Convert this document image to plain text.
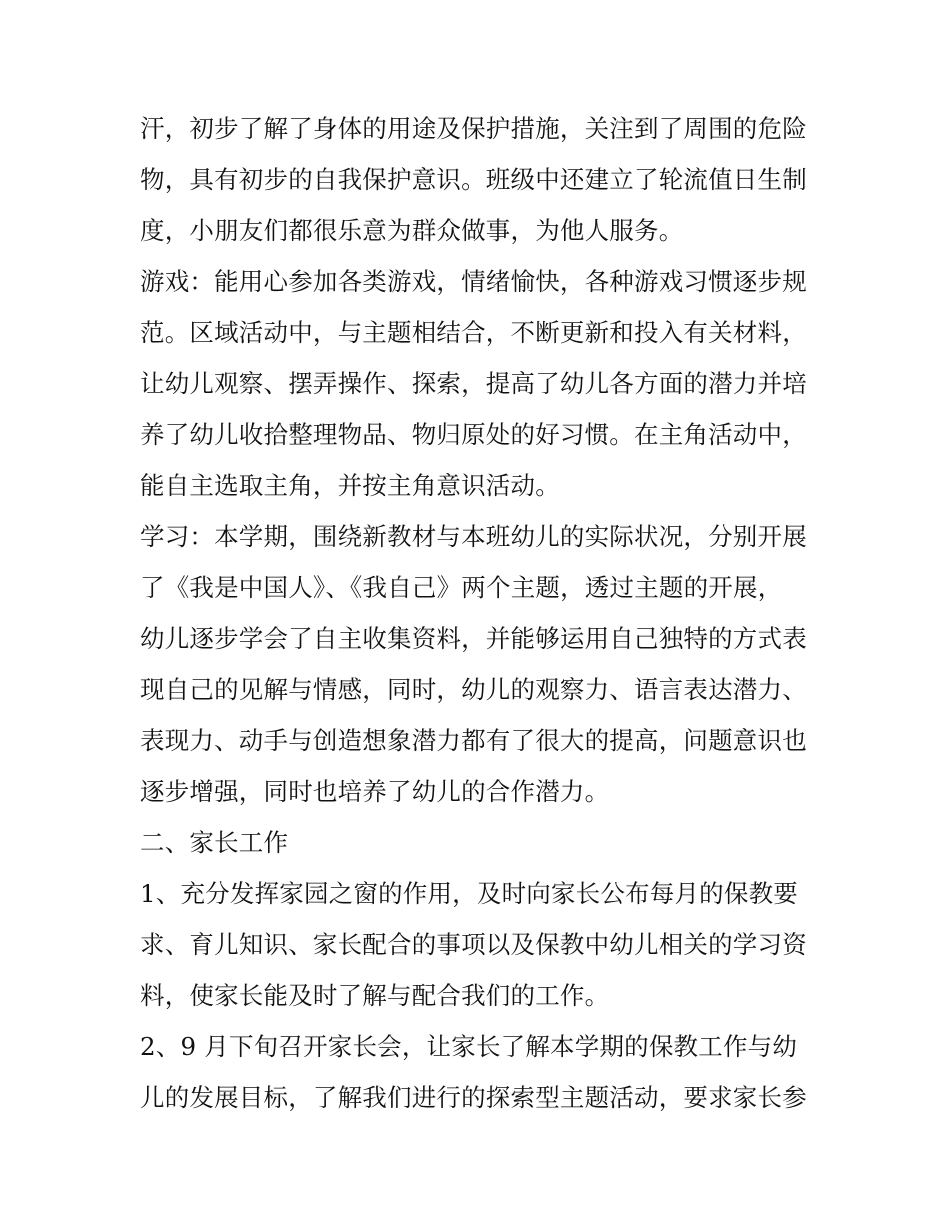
汗，初步了解了身体的用途及保护措施，关注到了周围的危险
物，具有初步的自我保护意识。班级中还建立了轮流值日生制
度，小朋友们都很乐意为群众做事，为他人服务。
游戏：能用心参加各类游戏，情绪愉快，各种游戏习惯逐步规
范。区域活动中，与主题相结合，不断更新和投入有关材料，
让幼儿观察、摆弄操作、探索，提高了幼儿各方面的潜力并培
养了幼儿收拾整理物品、物归原处的好习惯。在主角活动中，
能自主选取主角，并按主角意识活动。
学习：本学期，围绕新教材与本班幼儿的实际状况，分别开展
了《我是中国人》、《我自己》两个主题，透过主题的开展，
幼儿逐步学会了自主收集资料，并能够运用自己独特的方式表
现自己的见解与情感，同时，幼儿的观察力、语言表达潜力、
表现力、动手与创造想象潜力都有了很大的提高，问题意识也
逐步增强，同时也培养了幼儿的合作潜力。
二、家长工作
1、充分发挥家园之窗的作用，及时向家长公布每月的保教要
求、育儿知识、家长配合的事项以及保教中幼儿相关的学习资
料，使家长能及时了解与配合我们的工作。
2、9 月下旬召开家长会，让家长了解本学期的保教工作与幼
儿的发展目标，了解我们进行的探索型主题活动，要求家长参
